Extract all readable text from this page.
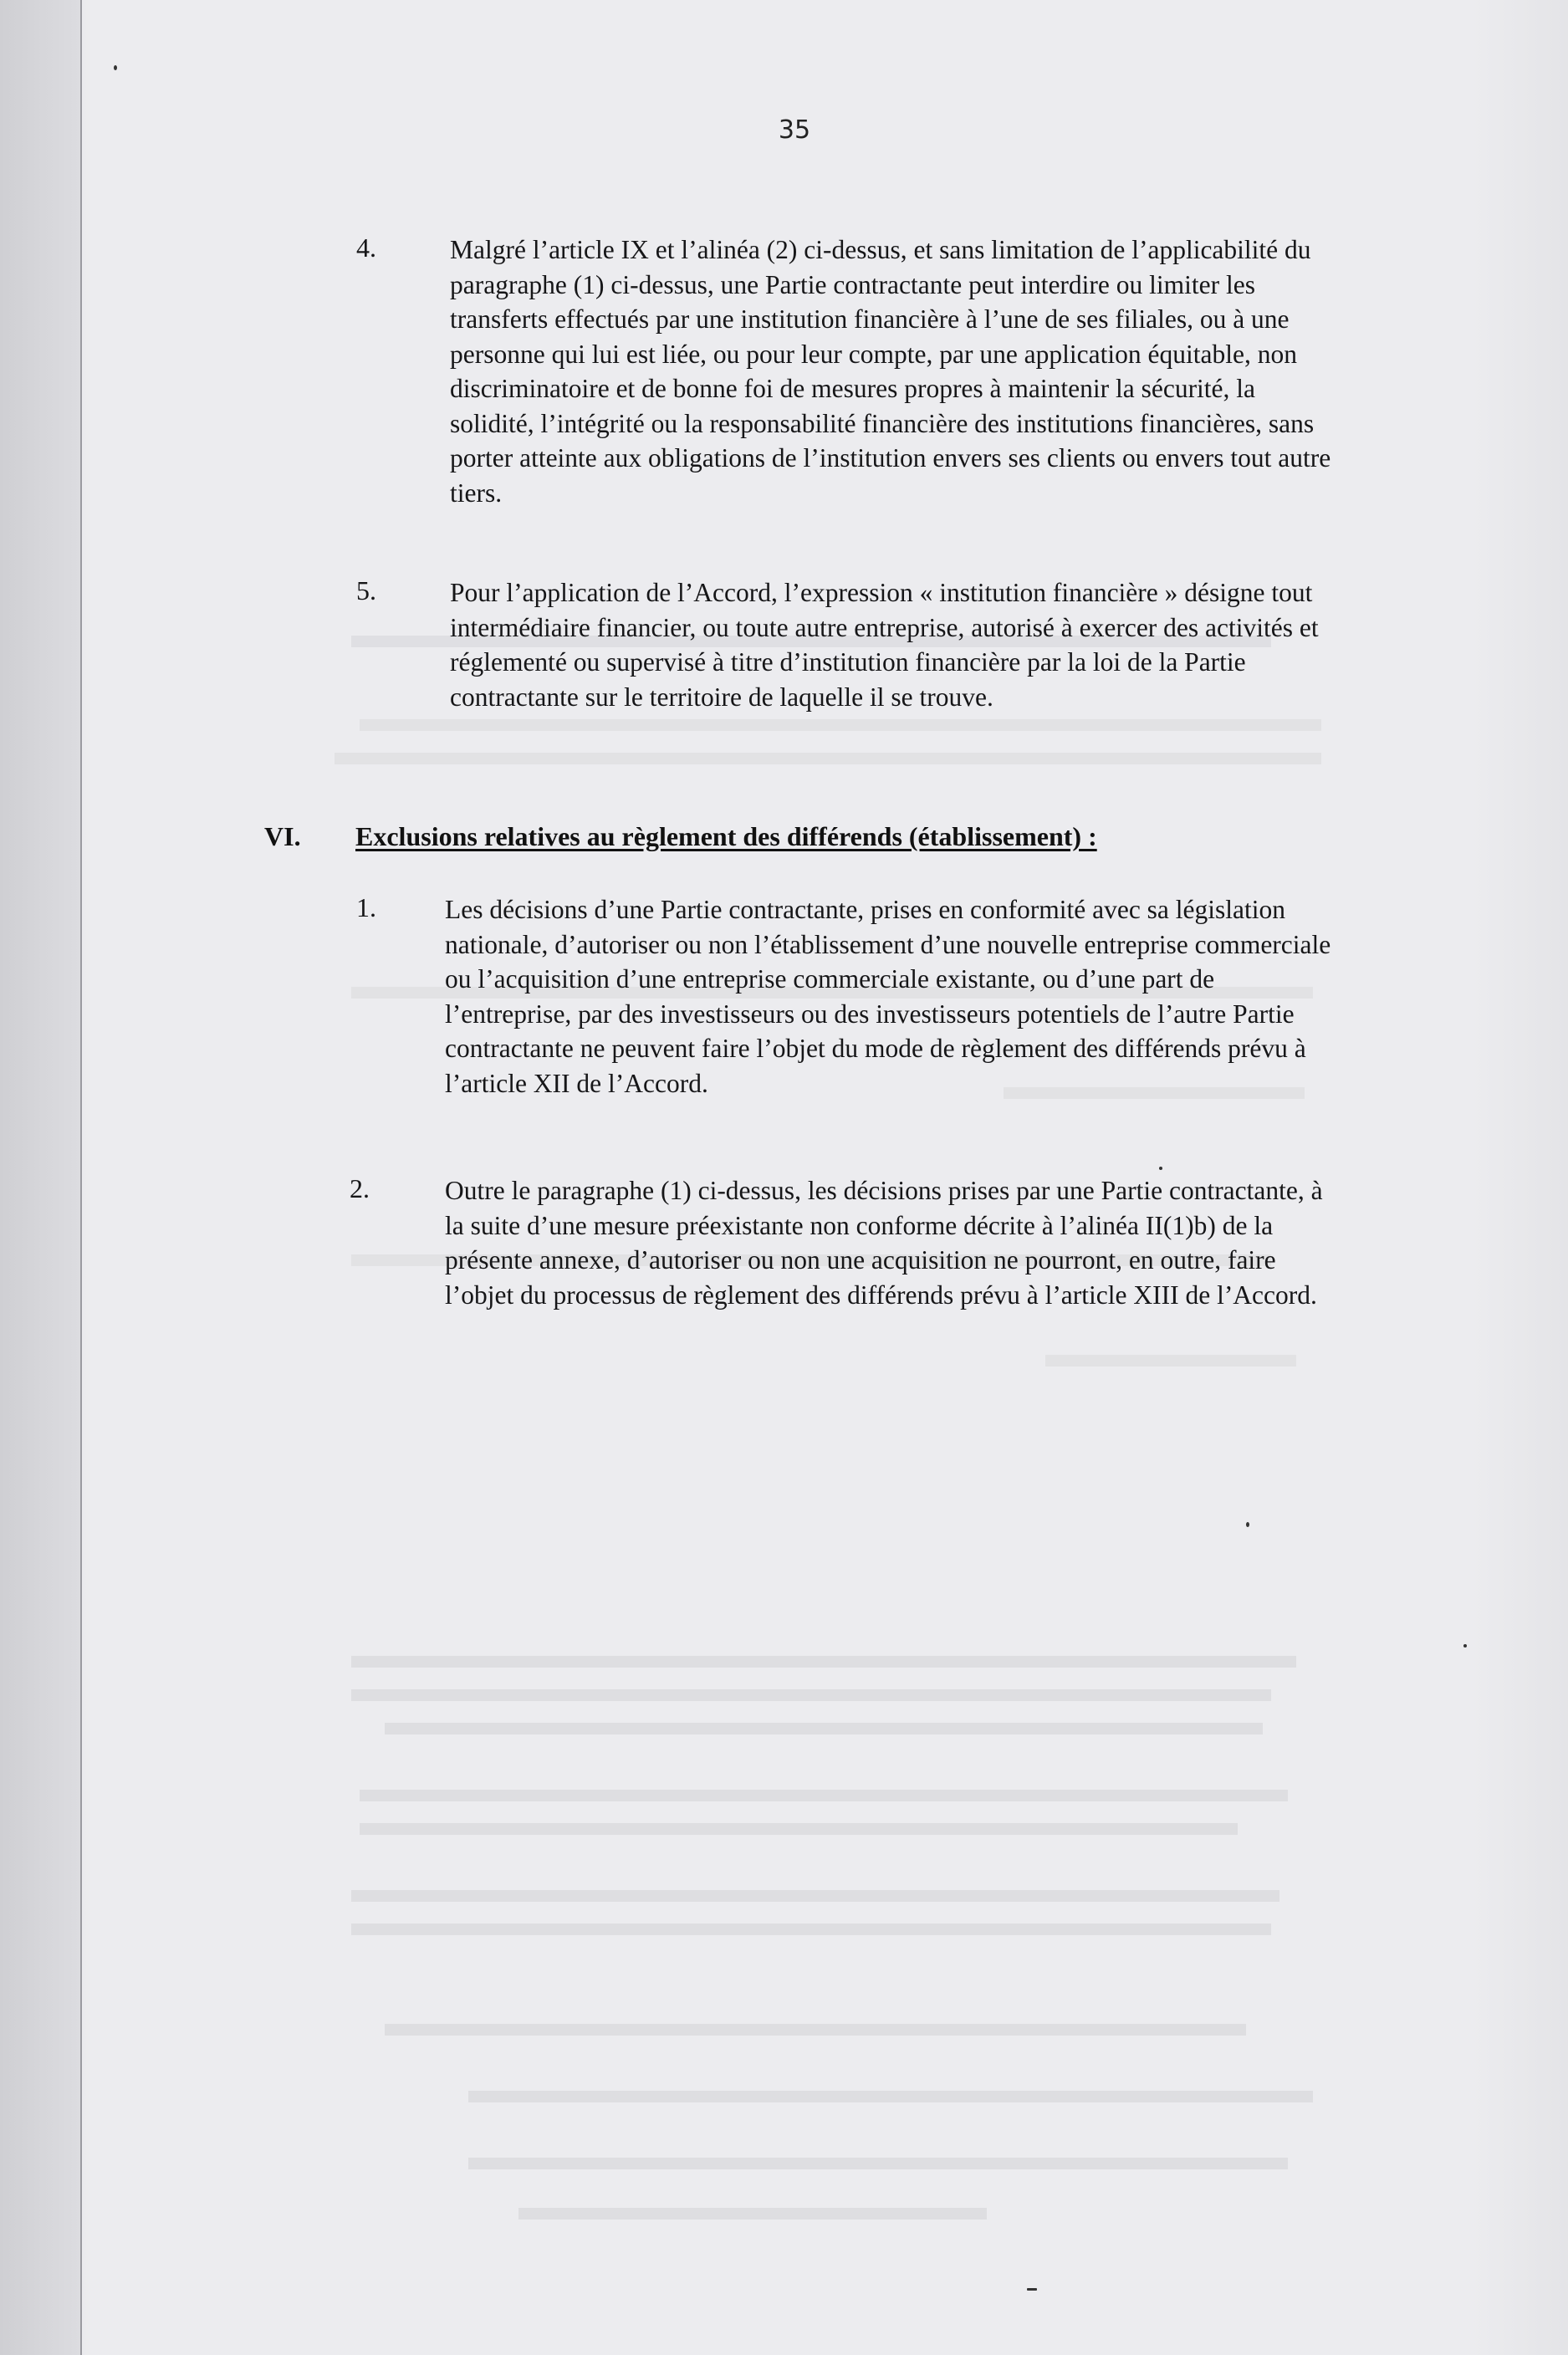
35
4.	Malgré l’article IX et l’alinéa (2) ci-dessus, et sans limitation de l’applicabilité du paragraphe (1) ci-dessus, une Partie contractante peut interdire ou limiter les transferts effectués par une institution financière à l’une de ses filiales, ou à une personne qui lui est liée, ou pour leur compte, par une application équitable, non discriminatoire et de bonne foi de mesures propres à maintenir la sécurité, la solidité, l’intégrité ou la responsabilité financière des institutions financières, sans porter atteinte aux obligations de l’institution envers ses clients ou envers tout autre tiers.
5.	Pour l’application de l’Accord, l’expression « institution financière » désigne tout intermédiaire financier, ou toute autre entreprise, autorisé à exercer des activités et réglementé ou supervisé à titre d’institution financière par la loi de la Partie contractante sur le territoire de laquelle il se trouve.
VI. Exclusions relatives au règlement des différends (établissement) :
1.	Les décisions d’une Partie contractante, prises en conformité avec sa législation nationale, d’autoriser ou non l’établissement d’une nouvelle entreprise commerciale ou l’acquisition d’une entreprise commerciale existante, ou d’une part de l’entreprise, par des investisseurs ou des investisseurs potentiels de l’autre Partie contractante ne peuvent faire l’objet du mode de règlement des différends prévu à l’article XII de l’Accord.
2.	Outre le paragraphe (1) ci-dessus, les décisions prises par une Partie contractante, à la suite d’une mesure préexistante non conforme décrite à l’alinéa II(1)b) de la présente annexe, d’autoriser ou non une acquisition ne pourront, en outre, faire l’objet du processus de règlement des différends prévu à l’article XIII de l’Accord.
